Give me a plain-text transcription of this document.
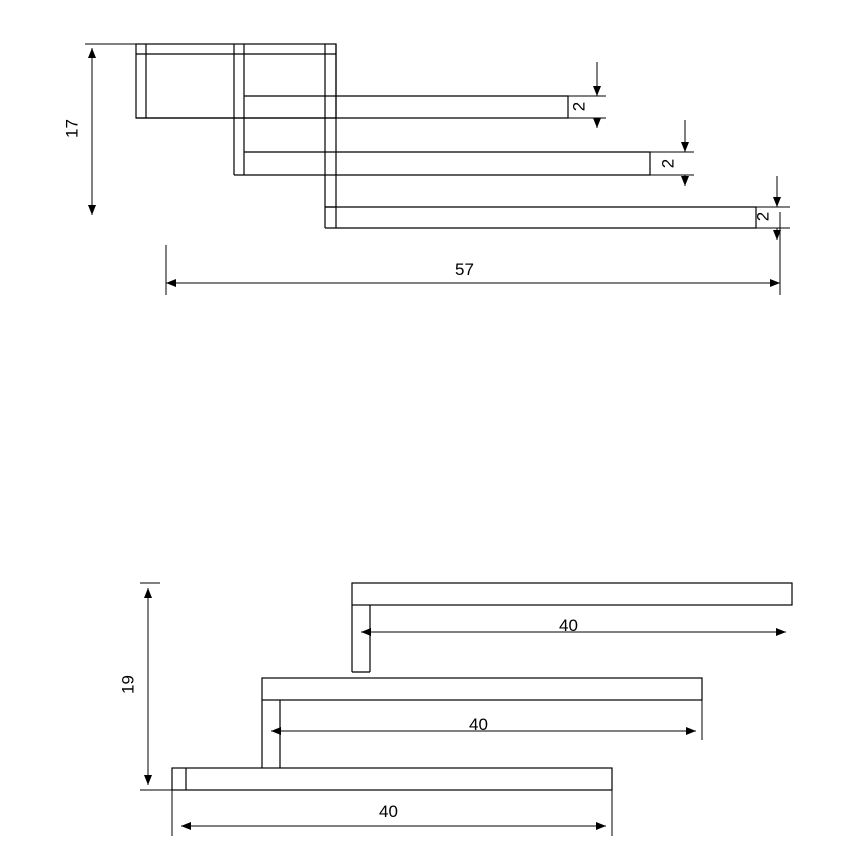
17
57
2
2
2
19
40
40
40
